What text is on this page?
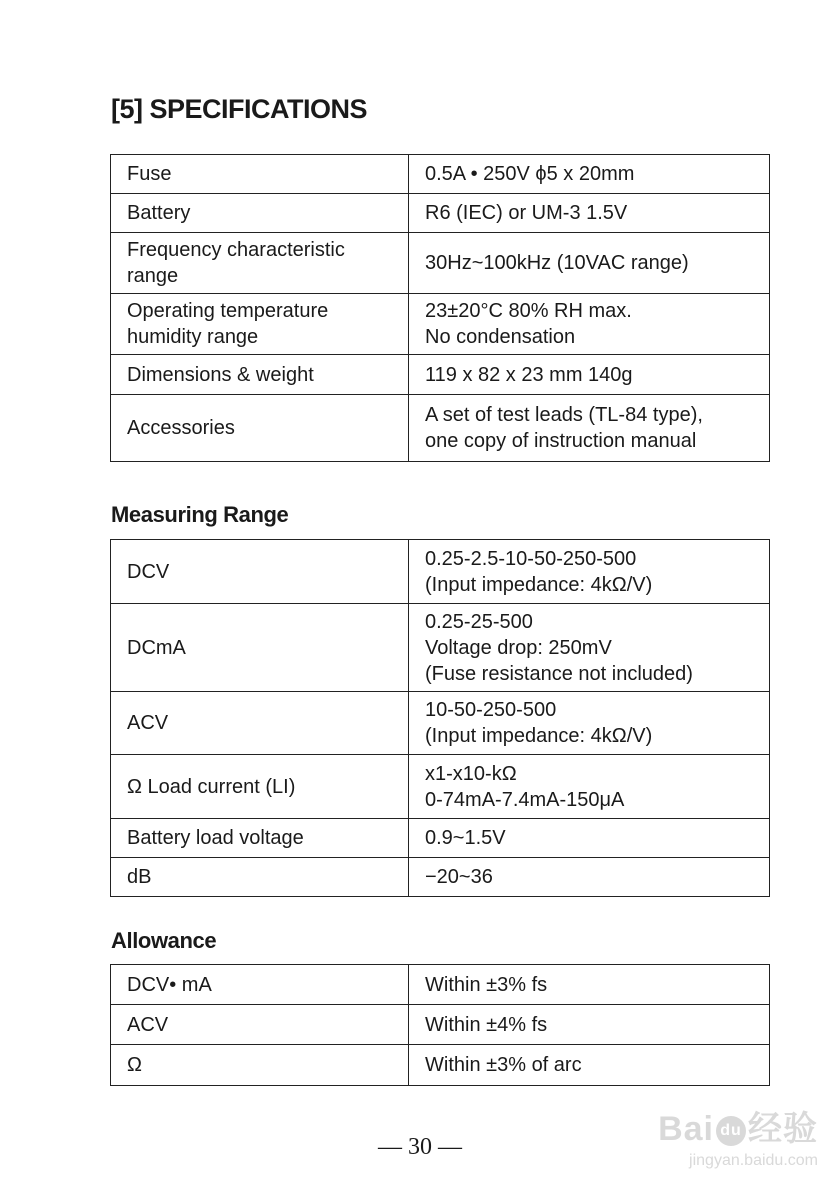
[5] SPECIFICATIONS
Fuse	0.5A • 250V ϕ5 x 20mm
Battery	R6 (IEC) or UM-3 1.5V
Frequency characteristic
range	30Hz~100kHz (10VAC range)
Operating temperature
humidity range	23±20°C 80% RH max.
No condensation
Dimensions & weight	119 x 82 x 23 mm 140g
Accessories	A set of test leads (TL-84 type),
one copy of instruction manual
Measuring Range
DCV	0.25-2.5-10-50-250-500
(Input impedance: 4kΩ/V)
DCmA	0.25-25-500
Voltage drop: 250mV
(Fuse resistance not included)
ACV	10-50-250-500
(Input impedance: 4kΩ/V)
Ω Load current (LI)	x1-x10-kΩ
0-74mA-7.4mA-150μA
Battery load voltage	0.9~1.5V
dB	−20~36
Allowance
DCV• mA	Within ±3% fs
ACV	Within ±4% fs
Ω	Within ±3% of arc
— 30 —	Bai du 经验
jingyan.baidu.com
